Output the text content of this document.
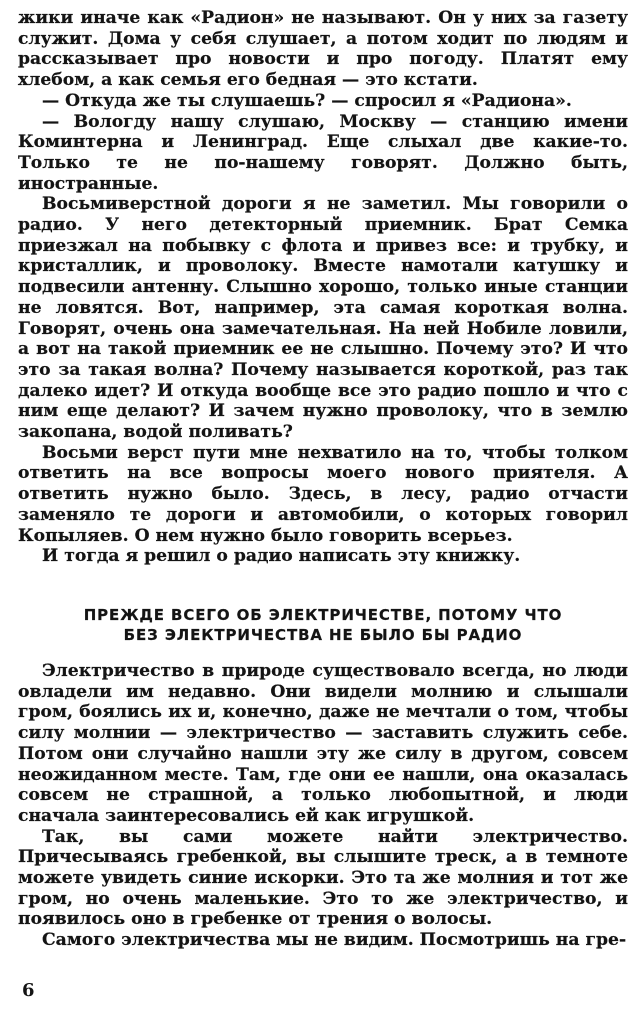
жики иначе как «Радион» не называют. Он у них за газету служит. Дома у себя слушает, а потом ходит по людям и рассказывает про новости и про погоду. Платят ему хлебом, а как семья его бедная — это кстати.

— Откуда же ты слушаешь? — спросил я «Радиона».

— Вологду нашу слушаю, Москву — станцию имени Коминтерна и Ленинград. Еще слыхал две какие-то. Только те не по-нашему говорят. Должно быть, иностранные.

Восьмиверстной дороги я не заметил. Мы говорили о радио. У него детекторный приемник. Брат Семка приезжал на побывку с флота и привез все: и трубку, и кристаллик, и проволоку. Вместе намотали катушку и подвесили антенну. Слышно хорошо, только иные станции не ловятся. Вот, например, эта самая короткая волна. Говорят, очень она замечательная. На ней Нобиле ловили, а вот на такой приемник ее не слышно. Почему это? И что это за такая волна? Почему называется короткой, раз так далеко идет? И откуда вообще все это радио пошло и что с ним еще делают? И зачем нужно проволоку, что в землю закопана, водой поливать?

Восьми верст пути мне нехватило на то, чтобы толком ответить на все вопросы моего нового приятеля. А ответить нужно было. Здесь, в лесу, радио отчасти заменяло те дороги и автомобили, о которых говорил Копыляев. О нем нужно было говорить всерьез.

И тогда я решил о радио написать эту книжку.

ПРЕЖДЕ ВСЕГО ОБ ЭЛЕКТРИЧЕСТВЕ, ПОТОМУ ЧТО
БЕЗ ЭЛЕКТРИЧЕСТВА НЕ БЫЛО БЫ РАДИО

Электричество в природе существовало всегда, но люди овладели им недавно. Они видели молнию и слышали гром, боялись их и, конечно, даже не мечтали о том, чтобы силу молнии — электричество — заставить служить себе. Потом они случайно нашли эту же силу в другом, совсем неожиданном месте. Там, где они ее нашли, она оказалась совсем не страшной, а только любопытной, и люди сначала заинтересовались ей как игрушкой.

Так, вы сами можете найти электричество. Причесываясь гребенкой, вы слышите треск, а в темноте можете увидеть синие искорки. Это та же молния и тот же гром, но очень маленькие. Это то же электричество, и появилось оно в гребенке от трения о волосы.

Самого электричества мы не видим. Посмотришь на гре-

6
